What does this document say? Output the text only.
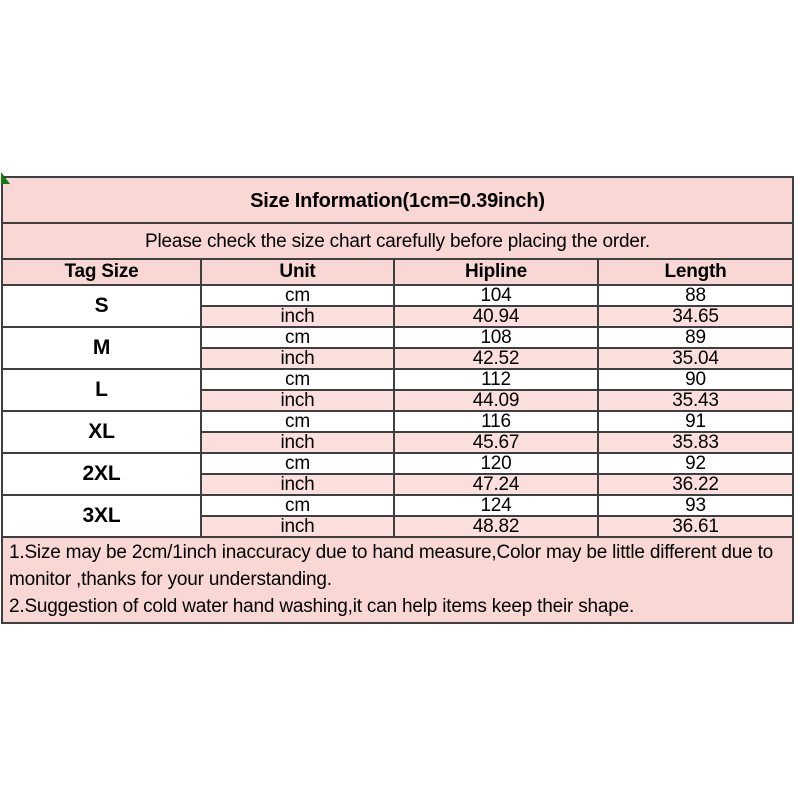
Size Information(1cm=0.39inch)
Please check the size chart carefully before placing the order.
Tag Size	Unit	Hipline	Length
S	cm	104	88
inch	40.94	34.65
M	cm	108	89
inch	42.52	35.04
L	cm	112	90
inch	44.09	35.43
XL	cm	116	91
inch	45.67	35.83
2XL	cm	120	92
inch	47.24	36.22
3XL	cm	124	93
inch	48.82	36.61
1.Size may be 2cm/1inch inaccuracy due to hand measure,Color may be little different due to monitor ,thanks for your understanding.
2.Suggestion of cold water hand washing,it can help items keep their shape.
